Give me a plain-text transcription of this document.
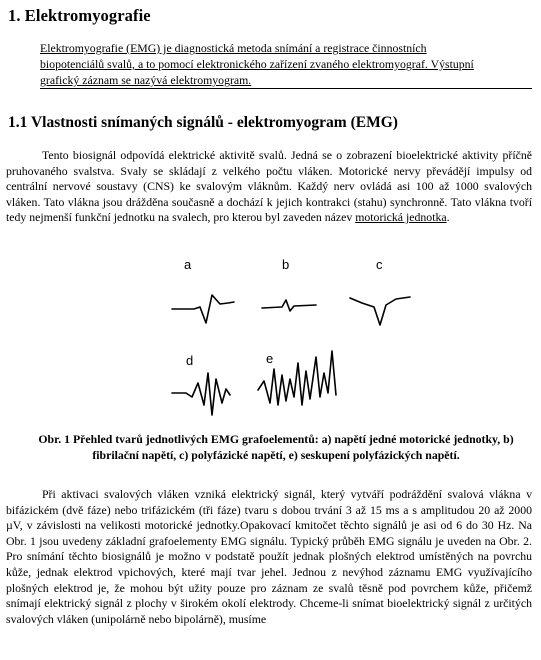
1. Elektromyografie

Elektromyografie (EMG) je diagnostická metoda snímání a registrace činnostních
biopotenciálů svalů, a to pomocí elektronického zařízení zvaného elektromyograf. Výstupní
grafický záznam se nazývá elektromyogram.

1.1 Vlastnosti snímaných signálů - elektromyogram (EMG)

Tento biosignál odpovídá elektrické aktivitě svalů. Jedná se o zobrazení bioelektrické aktivity příčně pruhovaného svalstva. Svaly se skládají z velkého počtu vláken. Motorické nervy převádějí impulsy od centrální nervové soustavy (CNS) ke svalovým vláknům. Každý nerv ovládá asi 100 až 1000 svalových vláken. Tato vlákna jsou drážděna současně a dochází k jejich kontrakci (stahu) synchronně. Tato vlákna tvoří tedy nejmenší funkční jednotku na svalech, pro kterou byl zaveden název motorická jednotka.

a	b	c
d	e

Obr. 1 Přehled tvarů jednotlivých EMG grafoelementů: a) napětí jedné motorické jednotky, b) fibrilační napětí, c) polyfázické napětí, e) seskupení polyfázických napětí.

Při aktivaci svalových vláken vzniká elektrický signál, který vytváří podráždění svalová vlákna v bifázickém (dvě fáze) nebo trifázickém (tři fáze) tvaru s dobou trvání 3 až 15 ms a s amplitudou 20 až 2000 µV, v závislosti na velikosti motorické jednotky.Opakovací kmitočet těchto signálů je asi od 6 do 30 Hz. Na Obr. 1 jsou uvedeny základní grafoelementy EMG signálu. Typický průběh EMG signálu je uveden na Obr. 2. Pro snímání těchto biosignálů je možno v podstatě použít jednak plošných elektrod umístěných na povrchu kůže, jednak elektrod vpichových, které mají tvar jehel. Jednou z nevýhod záznamu EMG využívajícího plošných elektrod je, že mohou být užity pouze pro záznam ze svalů těsně pod povrchem kůže, přičemž snímají elektrický signál z plochy v širokém okolí elektrody. Chceme-li snímat bioelektrický signál z určitých svalových vláken (unipolárně nebo bipolárně), musíme
